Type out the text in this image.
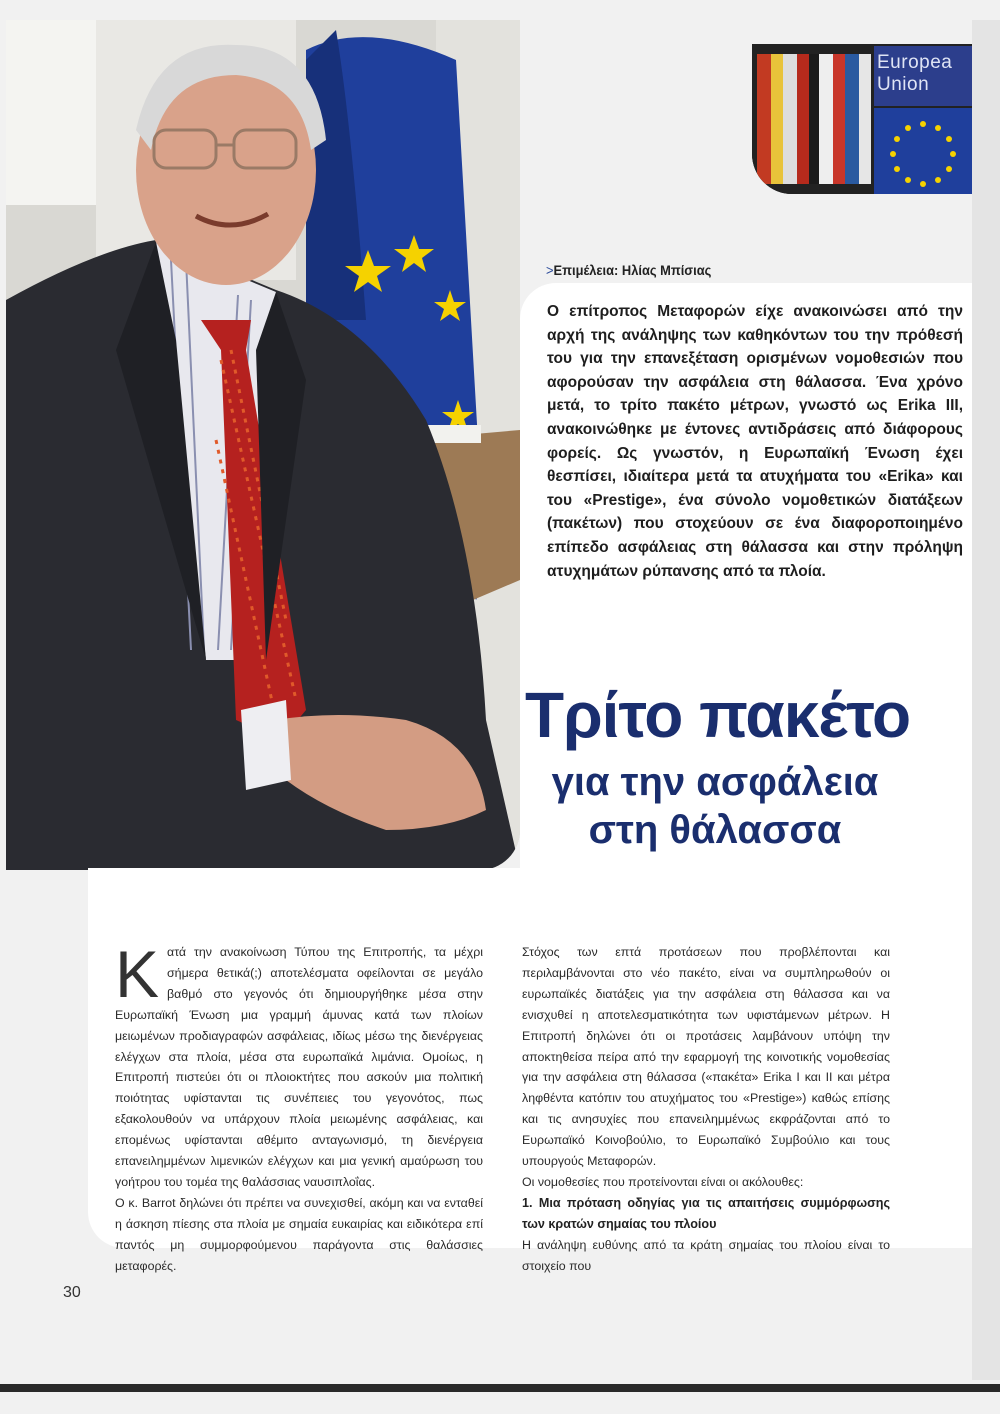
Europea
Union
>Επιμέλεια: Ηλίας Μπίσιας
Ο επίτροπος Μεταφορών είχε ανακοινώσει από την αρχή της ανάληψης των καθηκόντων του την πρόθεσή του για την επανεξέταση ορισμένων νομοθεσιών που αφορούσαν την ασφάλεια στη θάλασσα. Ένα χρόνο μετά, το τρίτο πακέτο μέτρων, γνωστό ως Erika III, ανακοινώθηκε με έντονες αντιδράσεις από διάφορους φορείς. Ως γνωστόν, η Ευρωπαϊκή Ένωση έχει θεσπίσει, ιδιαίτερα μετά τα ατυχήματα του «Erika» και του «Prestige», ένα σύνολο νομοθετικών διατάξεων (πακέτων) που στοχεύουν σε ένα διαφοροποιημένο επίπεδο ασφάλειας στη θάλασσα και στην πρόληψη ατυχημάτων ρύπανσης από τα πλοία.
Τρίτο πακέτο
για την ασφάλεια
στη θάλασσα

Κατά την ανακοίνωση Τύπου της Επιτροπής, τα μέχρι σήμερα θετικά(;) αποτελέσματα οφείλονται σε μεγάλο βαθμό στο γεγονός ότι δημιουργήθηκε μέσα στην Ευρωπαϊκή Ένωση μια γραμμή άμυνας κατά των πλοίων μειωμένων προδιαγραφών ασφάλειας, ιδίως μέσω της διενέργειας ελέγχων στα πλοία, μέσα στα ευρωπαϊκά λιμάνια. Ομοίως, η Επιτροπή πιστεύει ότι οι πλοιοκτήτες που ασκούν μια πολιτική ποιότητας υφίστανται τις συνέπειες του γεγονότος, πως εξακολουθούν να υπάρχουν πλοία μειωμένης ασφάλειας, και επομένως υφίστανται αθέμιτο ανταγωνισμό, τη διενέργεια επανειλημμένων λιμενικών ελέγχων και μια γενική αμαύρωση του γοήτρου του τομέα της θαλάσσιας ναυσιπλοΐας.

Ο κ. Barrot δηλώνει ότι πρέπει να συνεχισθεί, ακόμη και να ενταθεί η άσκηση πίεσης στα πλοία με σημαία ευκαιρίας και ειδικότερα επί παντός μη συμμορφούμενου παράγοντα στις θαλάσσιες μεταφορές.

Στόχος των επτά προτάσεων που προβλέπονται και περιλαμβάνονται στο νέο πακέτο, είναι να συμπληρωθούν οι ευρωπαϊκές διατάξεις για την ασφάλεια στη θάλασσα και να ενισχυθεί η αποτελεσματικότητα των υφιστάμενων μέτρων. Η Επιτροπή δηλώνει ότι οι προτάσεις λαμβάνουν υπόψη την αποκτηθείσα πείρα από την εφαρμογή της κοινοτικής νομοθεσίας για την ασφάλεια στη θάλασσα («πακέτα» Erika I και II και μέτρα ληφθέντα κατόπιν του ατυχήματος του «Prestige») καθώς επίσης και τις ανησυχίες που επανειλημμένως εκφράζονται από το Ευρωπαϊκό Κοινοβούλιο, το Ευρωπαϊκό Συμβούλιο και τους υπουργούς Μεταφορών.

Οι νομοθεσίες που προτείνονται είναι οι ακόλουθες:

1. Μια πρόταση οδηγίας για τις απαιτήσεις συμμόρφωσης των κρατών σημαίας του πλοίου

Η ανάληψη ευθύνης από τα κράτη σημαίας του πλοίου είναι το στοιχείο που

30
